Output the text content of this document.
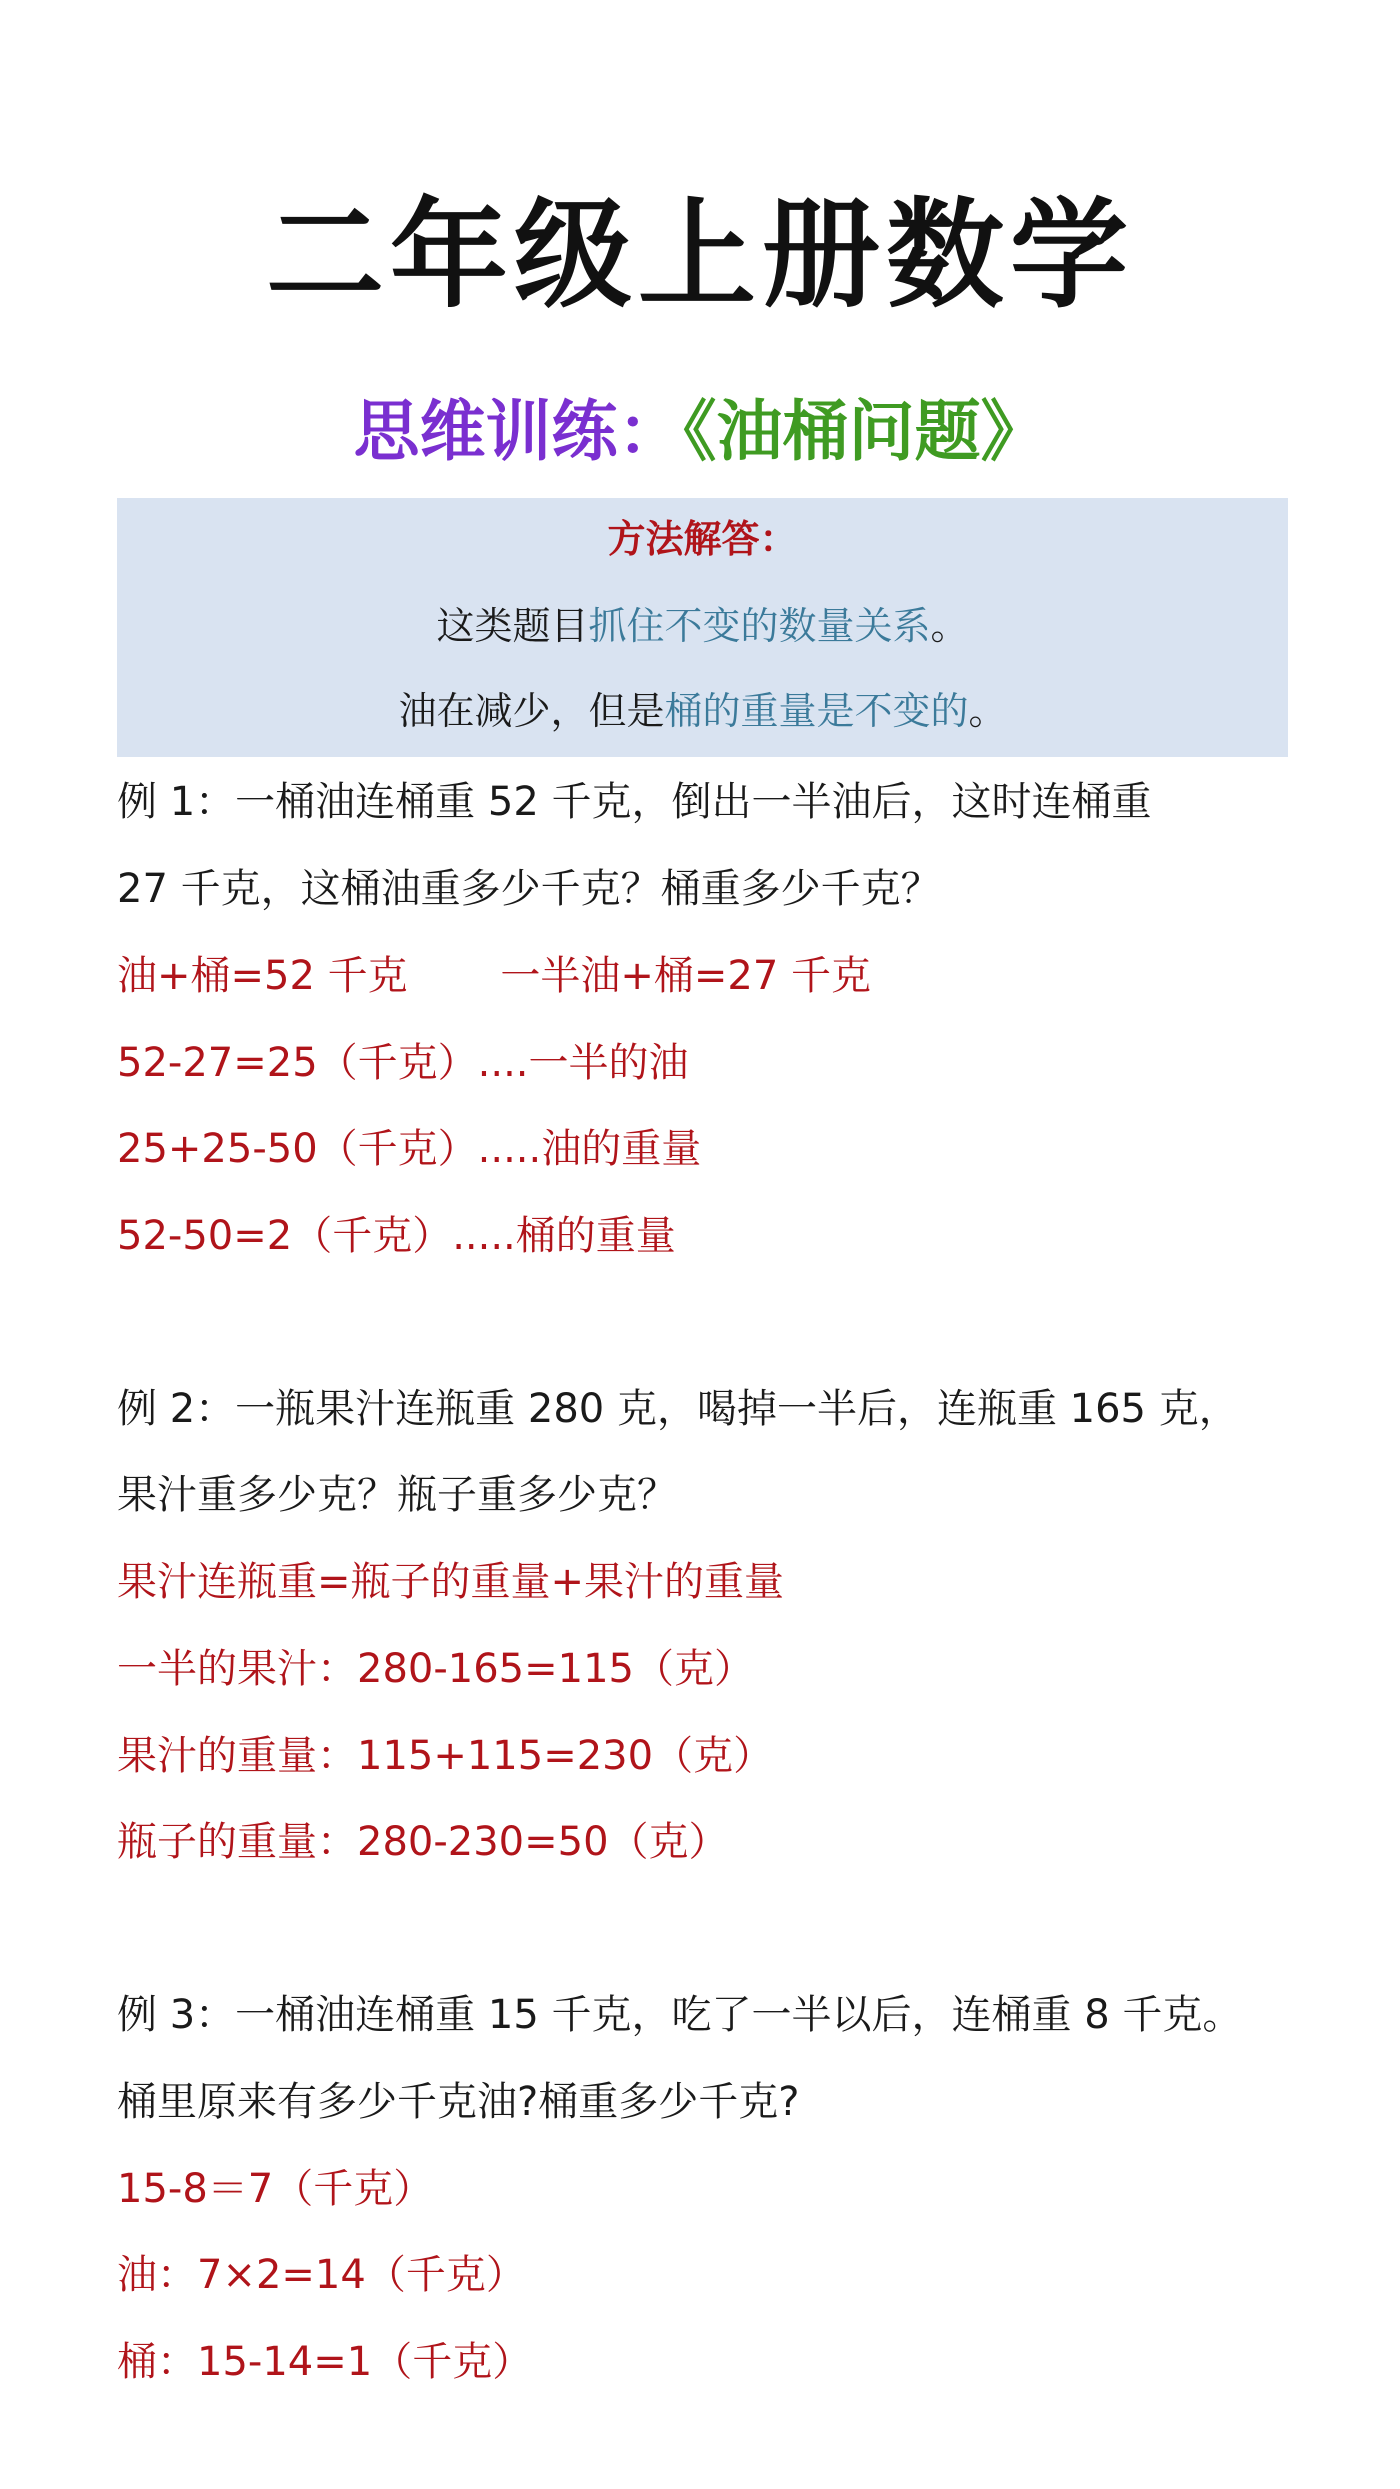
二年级上册数学
思维训练：《油桶问题》
方法解答：
这类题目抓住不变的数量关系。
油在减少，但是桶的重量是不变的。
例 1：一桶油连桶重 52 千克，倒出一半油后，这时连桶重
27 千克，这桶油重多少千克？桶重多少千克？
油+桶=52 千克　　 一半油+桶=27 千克
52-27=25（千克）....一半的油
25+25-50（千克）.....油的重量
52-50=2（千克）.....桶的重量
例 2：一瓶果汁连瓶重 280 克，喝掉一半后，连瓶重 165 克，
果汁重多少克？瓶子重多少克？
果汁连瓶重=瓶子的重量+果汁的重量
一半的果汁：280-165=115（克）
果汁的重量：115+115=230（克）
瓶子的重量：280-230=50（克）
例 3：一桶油连桶重 15 千克，吃了一半以后，连桶重 8 千克。
桶里原来有多少千克油?桶重多少千克?
15-8＝7（千克）
油：7×2=14（千克）
桶：15-14=1（千克）
